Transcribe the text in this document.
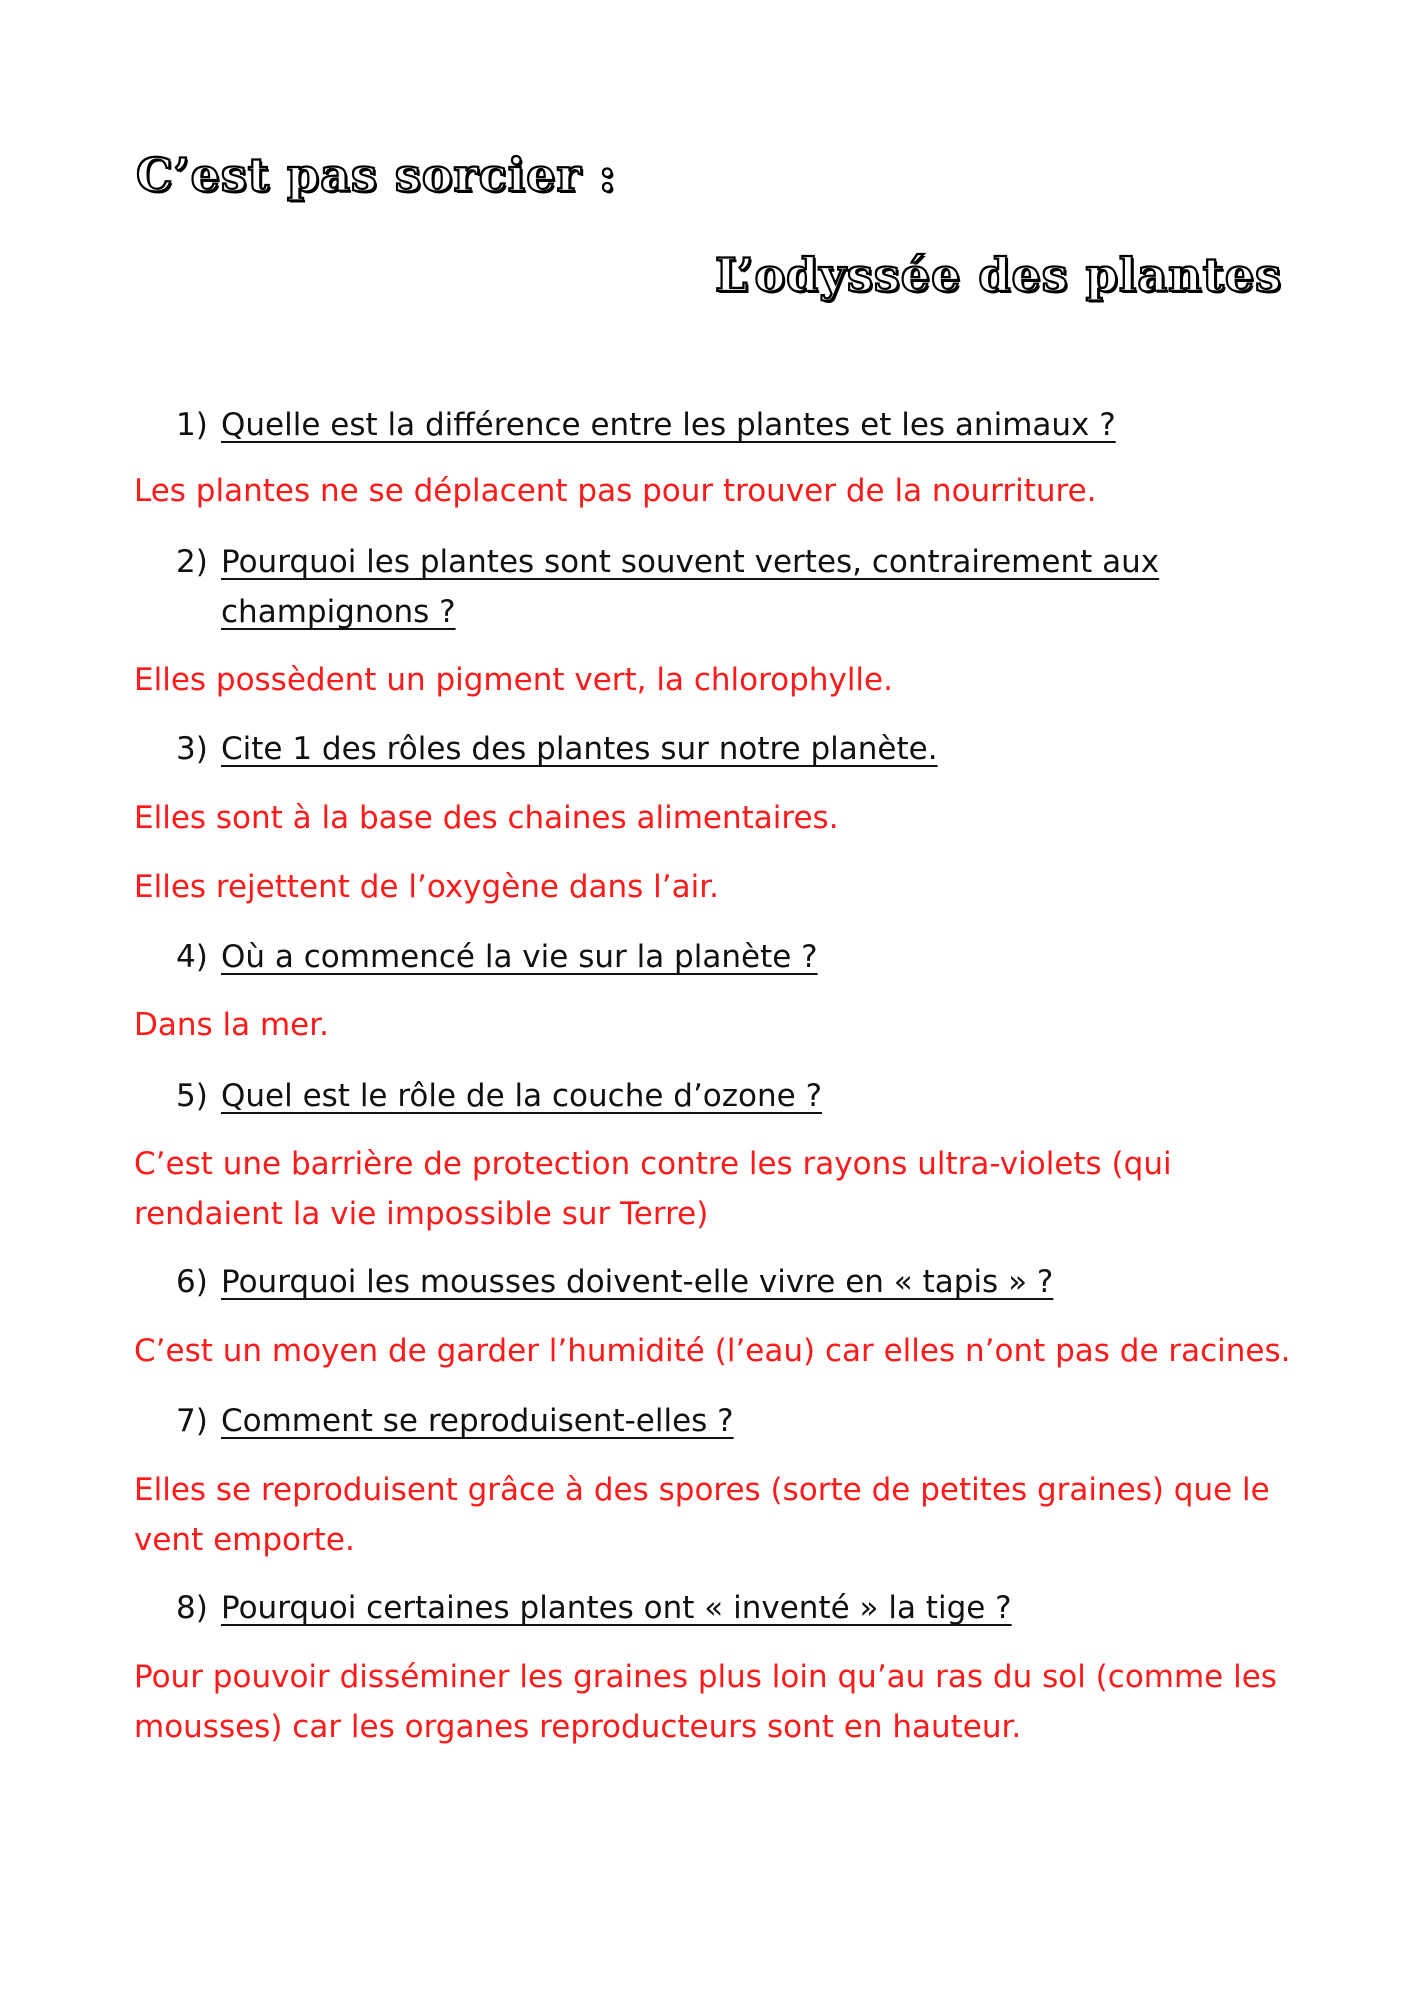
C’est pas sorcier :
L’odyssée des plantes
1) Quelle est la différence entre les plantes et les animaux ?
Les plantes ne se déplacent pas pour trouver de la nourriture.
2) Pourquoi les plantes sont souvent vertes, contrairement aux champignons ?
Elles possèdent un pigment vert, la chlorophylle.
3) Cite 1 des rôles des plantes sur notre planète.
Elles sont à la base des chaines alimentaires.
Elles rejettent de l’oxygène dans l’air.
4) Où a commencé la vie sur la planète ?
Dans la mer.
5) Quel est le rôle de la couche d’ozone ?
C’est une barrière de protection contre les rayons ultra-violets (qui rendaient la vie impossible sur Terre)
6) Pourquoi les mousses doivent-elle vivre en « tapis » ?
C’est un moyen de garder l’humidité (l’eau) car elles n’ont pas de racines.
7) Comment se reproduisent-elles ?
Elles se reproduisent grâce à des spores (sorte de petites graines) que le vent emporte.
8) Pourquoi certaines plantes ont « inventé » la tige ?
Pour pouvoir disséminer les graines plus loin qu’au ras du sol (comme les mousses) car les organes reproducteurs sont en hauteur.
